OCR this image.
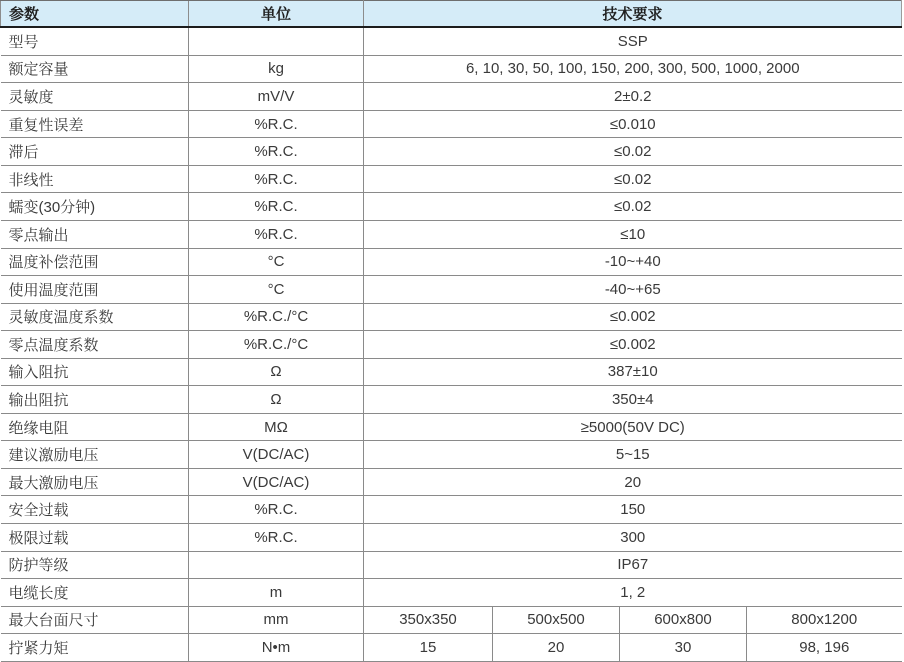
参数	单位	技术要求			
型号		SSP			
额定容量	kg	6, 10, 30, 50, 100, 150, 200, 300, 500, 1000, 2000			
灵敏度	mV/V	2±0.2			
重复性误差	%R.C.	≤0.010			
滞后	%R.C.	≤0.02			
非线性	%R.C.	≤0.02			
蠕变(30分钟)	%R.C.	≤0.02			
零点输出	%R.C.	≤10			
温度补偿范围	°C	-10~+40			
使用温度范围	°C	-40~+65			
灵敏度温度系数	%R.C./°C	≤0.002			
零点温度系数	%R.C./°C	≤0.002			
输入阻抗	Ω	387±10			
输出阻抗	Ω	350±4			
绝缘电阻	MΩ	≥5000(50V DC)			
建议激励电压	V(DC/AC)	5~15			
最大激励电压	V(DC/AC)	20			
安全过载	%R.C.	150			
极限过载	%R.C.	300			
防护等级		IP67			
电缆长度	m	1, 2			
最大台面尺寸	mm	350x350	500x500	600x800	800x1200
拧紧力矩	N•m	15	20	30	98, 196
